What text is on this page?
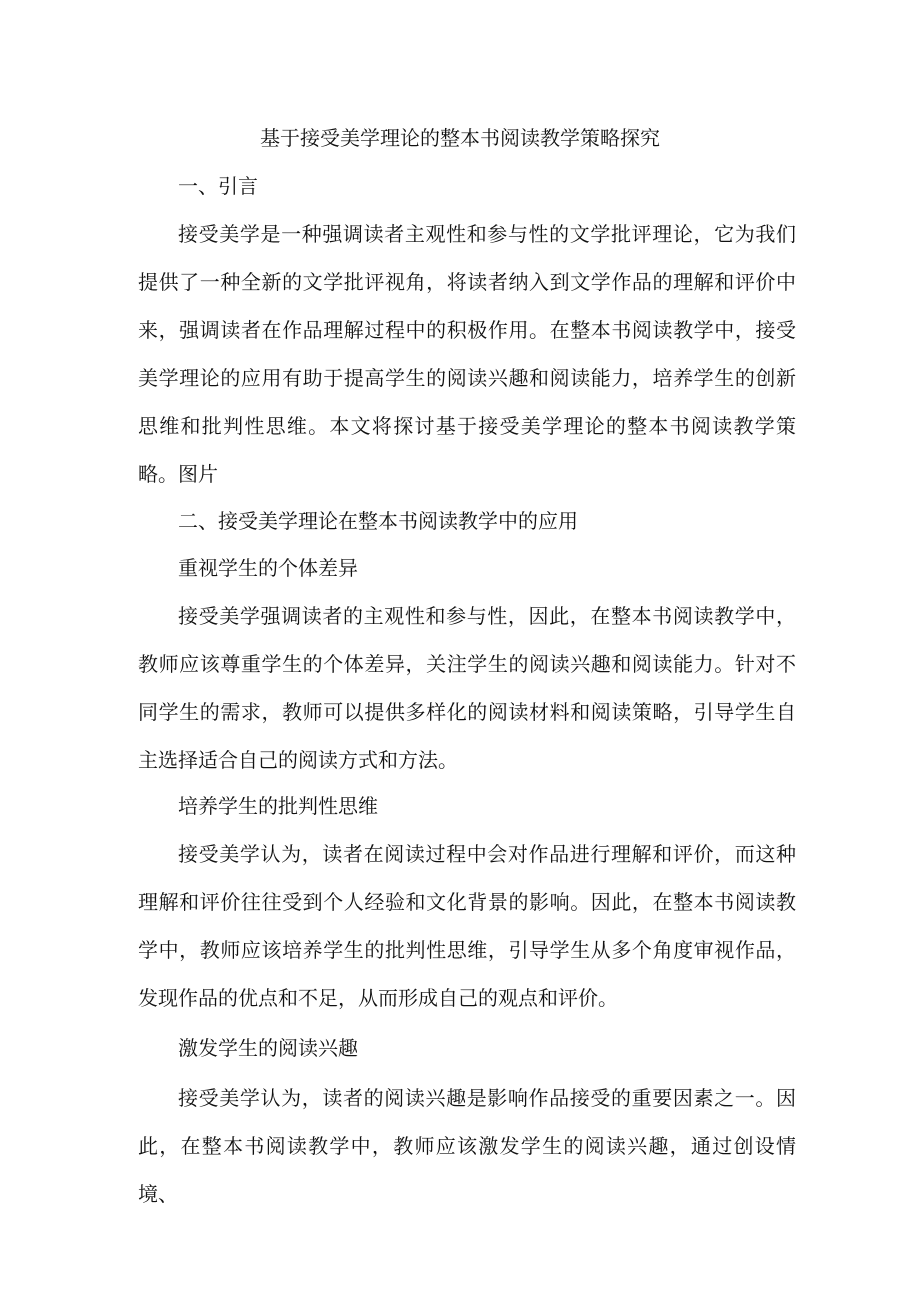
基于接受美学理论的整本书阅读教学策略探究
一、引言

接受美学是一种强调读者主观性和参与性的文学批评理论，它为我们提供了一种全新的文学批评视角，将读者纳入到文学作品的理解和评价中来，强调读者在作品理解过程中的积极作用。在整本书阅读教学中，接受美学理论的应用有助于提高学生的阅读兴趣和阅读能力，培养学生的创新思维和批判性思维。本文将探讨基于接受美学理论的整本书阅读教学策略。 图片
二、接受美学理论在整本书阅读教学中的应用
重视学生的个体差异

接受美学强调读者的主观性和参与性，因此，在整本书阅读教学中，教师应该尊重学生的个体差异，关注学生的阅读兴趣和阅读能力。针对不同学生的需求，教师可以提供多样化的阅读材料和阅读策略，引导学生自主选择适合自己的阅读方式和方法。

培养学生的批判性思维

接受美学认为，读者在阅读过程中会对作品进行理解和评价，而这种理解和评价往往受到个人经验和文化背景的影响。因此，在整本书阅读教学中，教师应该培养学生的批判性思维，引导学生从多个角度审视作品，发现作品的优点和不足，从而形成自己的观点和评价。

激发学生的阅读兴趣

接受美学认为，读者的阅读兴趣是影响作品接受的重要因素之一。因此，在整本书阅读教学中，教师应该激发学生的阅读兴趣，通过创设情境、
